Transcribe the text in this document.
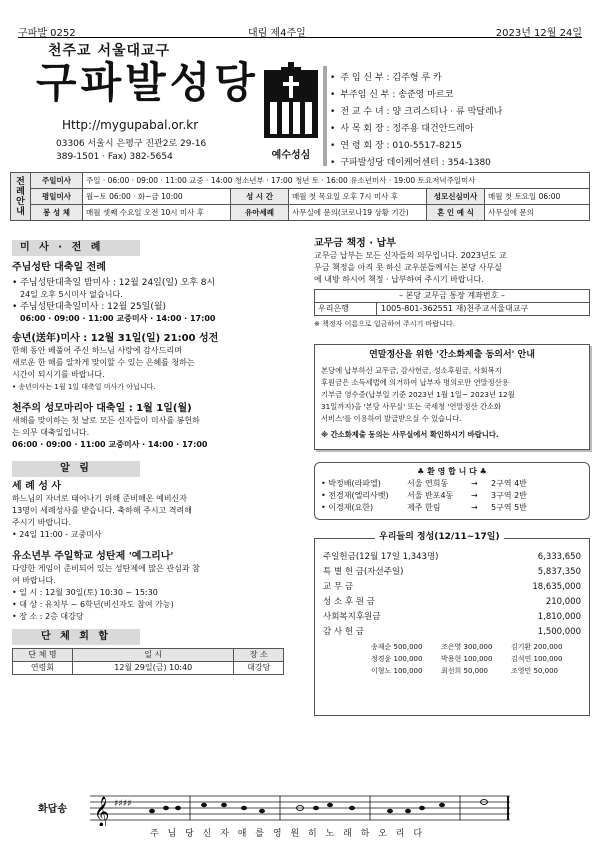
구파발 0252	대림 제4주일	2023년 12월 24일
천주교 서울대교구
구파발성당
Http://mygupabal.or.kr
03306 서울시 은평구 진관2로 29-16
389-1501 · Fax) 382-5654	예수성심
• 주 임 신 부 : 김주형 루 카
• 부주임 신 부 : 송준영 마르코
• 전 교 수 녀 : 양 크리스티나 · 류 막달레나
• 사 목 회 장 : 정주용 대건안드레아
• 연 령 회 장 : 010-5517-8215
• 구파발성당 데이케어센터 : 354-1380
전례안내	주일미사	주일 · 06:00 · 09:00 · 11:00 교중 · 14:00 청소년부 · 17:00 청년 토 · 16:00 유소년미사 · 19:00 토요저녁주일미사				
	평일미사	월~토 06:00 · 화~금 10:00	성 시 간	매월 첫 목요일 오후 7시 미사 후	성모신심미사	매월 첫 토요일 06:00
	봉 성 체	매월 셋째 수요일 오전 10시 미사 후	유아세례	사무실에 문의(코로나19 상황 기간)	혼 인 예 식	사무실에 문의
미 사 · 전 례
주님성탄 대축일 전례
• 주님성탄대축일 밤미사 : 12월 24일(일) 오후 8시
24일 오후 5시미사 없습니다.
• 주님성탄대축일미사 : 12월 25일(월)
06:00 · 09:00 · 11:00 교중미사 · 14:00 · 17:00
송년(送年)미사 : 12월 31일(일) 21:00 성전
한해 동안 베풀어 주신 하느님 사랑에 감사드리며
새로운 한 해를 알차게 맞이할 수 있는 은혜를 청하는
시간이 되시기를 바랍니다.
• 송년미사는 1월 1일 대축일 미사가 아닙니다.
천주의 성모마리아 대축일 : 1월 1일(월)
새해를 맞이하는 첫 날로 모든 신자들이 미사를 봉헌하
는 의무 대축일입니다.
06:00 · 09:00 · 11:00 교중미사 · 14:00 · 17:00
알 림
세 례 성 사
하느님의 자녀로 태어나기 위해 준비해온 예비신자
13명이 세례성사를 받습니다. 축하해 주시고 격려해
주시기 바랍니다.
• 24일 11:00 - 교중미사
유소년부 주일학교 성탄제 '예그리나'
다양한 게임이 준비되어 있는 성탄제에 많은 관심과 참
여 바랍니다.
• 일 시 : 12월 30일(토) 10:30 ~ 15:30
• 대 상 : 유치부 ~ 6학년(비신자도 참여 가능)
• 장 소 : 2층 대강당
단 체 회 합
단 체 명	일 시	장 소
연령회	12월 29일(금) 10:40	대강당
교무금 책정 · 납부
교무금 납부는 모든 신자들의 의무입니다. 2023년도 교
무금 책정을 아직 못 하신 교우분들께서는 본당 사무실
에 내방 하시어 책정 · 납부하여 주시기 바랍니다.
– 본당 교무금 통장 계좌번호 –
우리은행	1005-801-362551 재)천주교서울대교구
※ 책정자 이름으로 입금하여 주시기 바랍니다.
연말정산을 위한 '간소화제출 동의서' 안내
본당에 납부하신 교무금, 감사헌금, 성소후원금, 사회복지
후원금은 소득세법에 의거하여 납부자 명의로만 연말정산용
기부금 영수증(납부일 기준 2023년 1월 1일~ 2023년 12월
31일까지)을 '본당 사무실' 또는 국세청 '연말정산 간소화
서비스'를 이용하여 발급받으실 수 있습니다.
※ 간소화제출 동의는 사무실에서 확인하시기 바랍니다.
♣ 환 영 합 니 다 ♣
• 박정배(라파엘)	서울 연희동	→	2구역 4반
• 전경재(엘리사벳)	서울 반포4동	→	3구역 2반
• 이경재(요한)	제주 한림	→	5구역 5반
우리들의 정성(12/11~17일)
주일헌금(12월 17일 1,343명)	6,333,650
특 별 헌 금(자선주일)	5,837,350
교 무 금	18,635,000
성 소 후 원 금	210,000
사회복지후원금	1,810,000
감 사 헌 금	1,500,000
송재순 500,000	조은영 300,000	김기환 200,000
정경윤 100,000	박용현 100,000	김석연 100,000
이형노 100,000	최선희 50,000	조영민 50,000
화답송 𝄞 ♯♯♯♯
주 님 당 신 자 애 를 영 원 히 노 래 하 오 리 다
